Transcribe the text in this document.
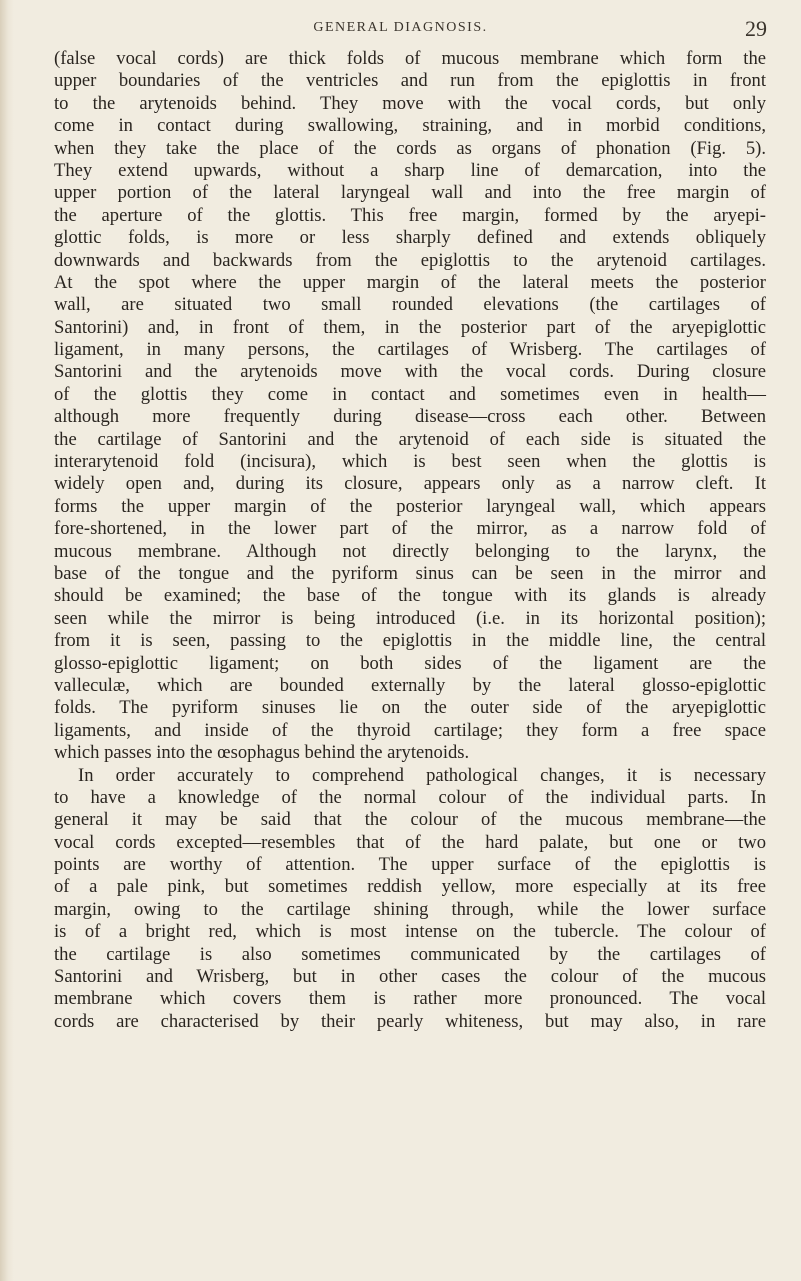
GENERAL DIAGNOSIS.	29
(false vocal cords) are thick folds of mucous membrane which form the
upper boundaries of the ventricles and run from the epiglottis in front
to the arytenoids behind. They move with the vocal cords, but only
come in contact during swallowing, straining, and in morbid conditions,
when they take the place of the cords as organs of phonation (Fig. 5).
They extend upwards, without a sharp line of demarcation, into the
upper portion of the lateral laryngeal wall and into the free margin of
the aperture of the glottis. This free margin, formed by the aryepi-
glottic folds, is more or less sharply defined and extends obliquely
downwards and backwards from the epiglottis to the arytenoid cartilages.
At the spot where the upper margin of the lateral meets the posterior
wall, are situated two small rounded elevations (the cartilages of
Santorini) and, in front of them, in the posterior part of the aryepiglottic
ligament, in many persons, the cartilages of Wrisberg. The cartilages of
Santorini and the arytenoids move with the vocal cords. During closure
of the glottis they come in contact and sometimes even in health—
although more frequently during disease—cross each other. Between
the cartilage of Santorini and the arytenoid of each side is situated the
interarytenoid fold (incisura), which is best seen when the glottis is
widely open and, during its closure, appears only as a narrow cleft. It
forms the upper margin of the posterior laryngeal wall, which appears
fore-shortened, in the lower part of the mirror, as a narrow fold of
mucous membrane. Although not directly belonging to the larynx, the
base of the tongue and the pyriform sinus can be seen in the mirror and
should be examined; the base of the tongue with its glands is already
seen while the mirror is being introduced (i.e. in its horizontal position);
from it is seen, passing to the epiglottis in the middle line, the central
glosso-epiglottic ligament; on both sides of the ligament are the
valleculæ, which are bounded externally by the lateral glosso-epiglottic
folds. The pyriform sinuses lie on the outer side of the aryepiglottic
ligaments, and inside of the thyroid cartilage; they form a free space
which passes into the œsophagus behind the arytenoids.
In order accurately to comprehend pathological changes, it is necessary
to have a knowledge of the normal colour of the individual parts. In
general it may be said that the colour of the mucous membrane—the
vocal cords excepted—resembles that of the hard palate, but one or two
points are worthy of attention. The upper surface of the epiglottis is
of a pale pink, but sometimes reddish yellow, more especially at its free
margin, owing to the cartilage shining through, while the lower surface
is of a bright red, which is most intense on the tubercle. The colour of
the cartilage is also sometimes communicated by the cartilages of
Santorini and Wrisberg, but in other cases the colour of the mucous
membrane which covers them is rather more pronounced. The vocal
cords are characterised by their pearly whiteness, but may also, in rare
